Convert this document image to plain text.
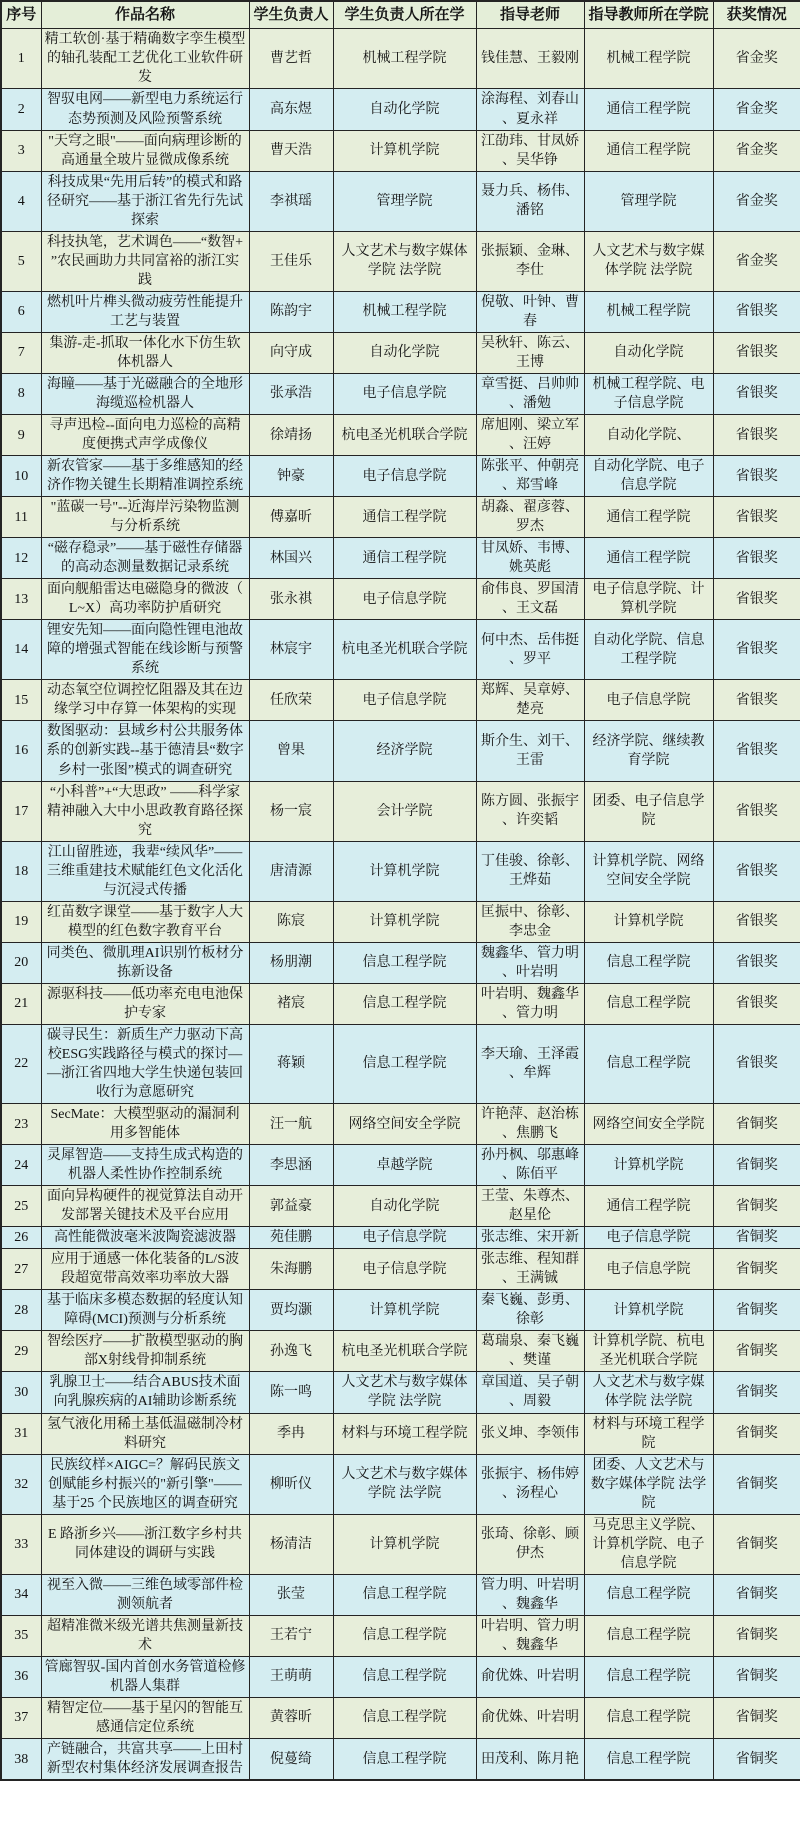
序号	作品名称	学生负责人	学生负责人所在学	指导老师	指导教师所在学院	获奖情况
1	精工软创·基于精确数字孪生模型的轴孔装配工艺优化工业软件研发	曹艺哲	机械工程学院	钱佳慧、王毅刚	机械工程学院	省金奖
2	智驭电网——新型电力系统运行态势预测及风险预警系统	高东煜	自动化学院	涂海程、刘春山、夏永祥	通信工程学院	省金奖
3	"天穹之眼"——面向病理诊断的高通量全玻片显微成像系统	曹天浩	计算机学院	江劭玮、甘凤娇、吴华铮	通信工程学院	省金奖
4	科技成果“先用后转”的模式和路径研究——基于浙江省先行先试探索	李祺瑶	管理学院	聂力兵、杨伟、潘铭	管理学院	省金奖
5	科技执笔，艺术调色——“数智+”农民画助力共同富裕的浙江实践	王佳乐	人文艺术与数字媒体学院 法学院	张振颖、金琳、李仕	人文艺术与数字媒体学院 法学院	省金奖
6	燃机叶片榫头微动疲劳性能提升工艺与装置	陈韵宇	机械工程学院	倪敬、叶钟、曹春	机械工程学院	省银奖
7	集游-走-抓取一体化水下仿生软体机器人	向守成	自动化学院	吴秋轩、陈云、王博	自动化学院	省银奖
8	海瞳——基于光磁融合的全地形海缆巡检机器人	张承浩	电子信息学院	章雪挺、吕帅帅、潘勉	机械工程学院、电子信息学院	省银奖
9	寻声迅检--面向电力巡检的高精度便携式声学成像仪	徐靖扬	杭电圣光机联合学院	席旭刚、梁立军、汪婷	自动化学院、	省银奖
10	新农管家——基于多维感知的经济作物关键生长期精准调控系统	钟豪	电子信息学院	陈张平、仲朝亮、郑雪峰	自动化学院、电子信息学院	省银奖
11	"蓝碳一号"--近海岸污染物监测与分析系统	傅嘉昕	通信工程学院	胡淼、翟彦蓉、罗杰	通信工程学院	省银奖
12	“磁存稳录”——基于磁性存储器的高动态测量数据记录系统	林国兴	通信工程学院	甘凤娇、韦博、姚英彪	通信工程学院	省银奖
13	面向舰船雷达电磁隐身的微波（L~X）高功率防护盾研究	张永祺	电子信息学院	俞伟良、罗国清、王文磊	电子信息学院、计算机学院	省银奖
14	锂安先知——面向隐性锂电池故障的增强式智能在线诊断与预警系统	林宸宇	杭电圣光机联合学院	何中杰、岳伟挺、罗平	自动化学院、信息工程学院	省银奖
15	动态氧空位调控忆阻器及其在边缘学习中存算一体架构的实现	任欣荣	电子信息学院	郑辉、吴章婷、楚亮	电子信息学院	省银奖
16	数图驱动：县域乡村公共服务体系的创新实践--基于德清县“数字乡村一张图”模式的调查研究	曾果	经济学院	斯介生、刘干、王雷	经济学院、继续教育学院	省银奖
17	“小科普”+“大思政” ——科学家精神融入大中小思政教育路径探究	杨一宸	会计学院	陈方圆、张振宇、许奕韬	团委、电子信息学院	省银奖
18	江山留胜迹，我辈“续风华”——三维重建技术赋能红色文化活化与沉浸式传播	唐清源	计算机学院	丁佳骏、徐彰、王烨茹	计算机学院、网络空间安全学院	省银奖
19	红苗数字课堂——基于数字人大模型的红色数字教育平台	陈宸	计算机学院	匡振中、徐彰、李忠金	计算机学院	省银奖
20	同类色、微肌理AI识别竹板材分拣新设备	杨朋潮	信息工程学院	魏鑫华、管力明、叶岩明	信息工程学院	省银奖
21	源驱科技——低功率充电电池保护专家	褚宸	信息工程学院	叶岩明、魏鑫华、管力明	信息工程学院	省银奖
22	碳寻民生：新质生产力驱动下高校ESG实践路径与模式的探讨——浙江省四地大学生快递包装回收行为意愿研究	蒋颖	信息工程学院	李天瑜、王泽霞、牟辉	信息工程学院	省银奖
23	SecMate：大模型驱动的漏洞利用多智能体	汪一航	网络空间安全学院	许艳萍、赵治栋、焦鹏飞	网络空间安全学院	省铜奖
24	灵犀智造——支持生成式构造的机器人柔性协作控制系统	李思涵	卓越学院	孙丹枫、邬惠峰、陈佰平	计算机学院	省铜奖
25	面向异构硬件的视觉算法自动开发部署关键技术及平台应用	郭益豪	自动化学院	王莹、朱尊杰、赵星伦	通信工程学院	省铜奖
26	高性能微波毫米波陶瓷滤波器	苑佳鹏	电子信息学院	张志维、宋开新	电子信息学院	省铜奖
27	应用于通感一体化装备的L/S波段超宽带高效率功率放大器	朱海鹏	电子信息学院	张志维、程知群、王满铖	电子信息学院	省铜奖
28	基于临床多模态数据的轻度认知障碍(MCI)预测与分析系统	贾均灏	计算机学院	秦飞巍、彭勇、徐彰	计算机学院	省铜奖
29	智绘医疗——扩散模型驱动的胸部X射线骨抑制系统	孙逸飞	杭电圣光机联合学院	葛瑞泉、秦飞巍、樊谨	计算机学院、杭电圣光机联合学院	省铜奖
30	乳腺卫士——结合ABUS技术面向乳腺疾病的AI辅助诊断系统	陈一鸣	人文艺术与数字媒体学院 法学院	章国道、吴子朝、周毅	人文艺术与数字媒体学院 法学院	省铜奖
31	氢气液化用稀土基低温磁制冷材料研究	季冉	材料与环境工程学院	张义坤、李领伟	材料与环境工程学院	省铜奖
32	民族纹样×AIGC=？解码民族文创赋能乡村振兴的"新引擎"——基于25 个民族地区的调查研究	柳昕仪	人文艺术与数字媒体学院 法学院	张振宇、杨伟婷、汤程心	团委、人文艺术与数字媒体学院 法学院	省铜奖
33	E 路浙乡兴——浙江数字乡村共同体建设的调研与实践	杨清洁	计算机学院	张琦、徐彰、顾伊杰	马克思主义学院、计算机学院、电子信息学院	省铜奖
34	视至入微——三维色域零部件检测领航者	张莹	信息工程学院	管力明、叶岩明、魏鑫华	信息工程学院	省铜奖
35	超精准微米级光谱共焦测量新技术	王若宁	信息工程学院	叶岩明、管力明、魏鑫华	信息工程学院	省铜奖
36	管廊智驭-国内首创水务管道检修机器人集群	王萌萌	信息工程学院	俞优姝、叶岩明	信息工程学院	省铜奖
37	精智定位——基于星闪的智能互感通信定位系统	黄蓉昕	信息工程学院	俞优姝、叶岩明	信息工程学院	省铜奖
38	产链融合，共富共享——上田村新型农村集体经济发展调查报告	倪蔓绮	信息工程学院	田茂利、陈月艳	信息工程学院	省铜奖
